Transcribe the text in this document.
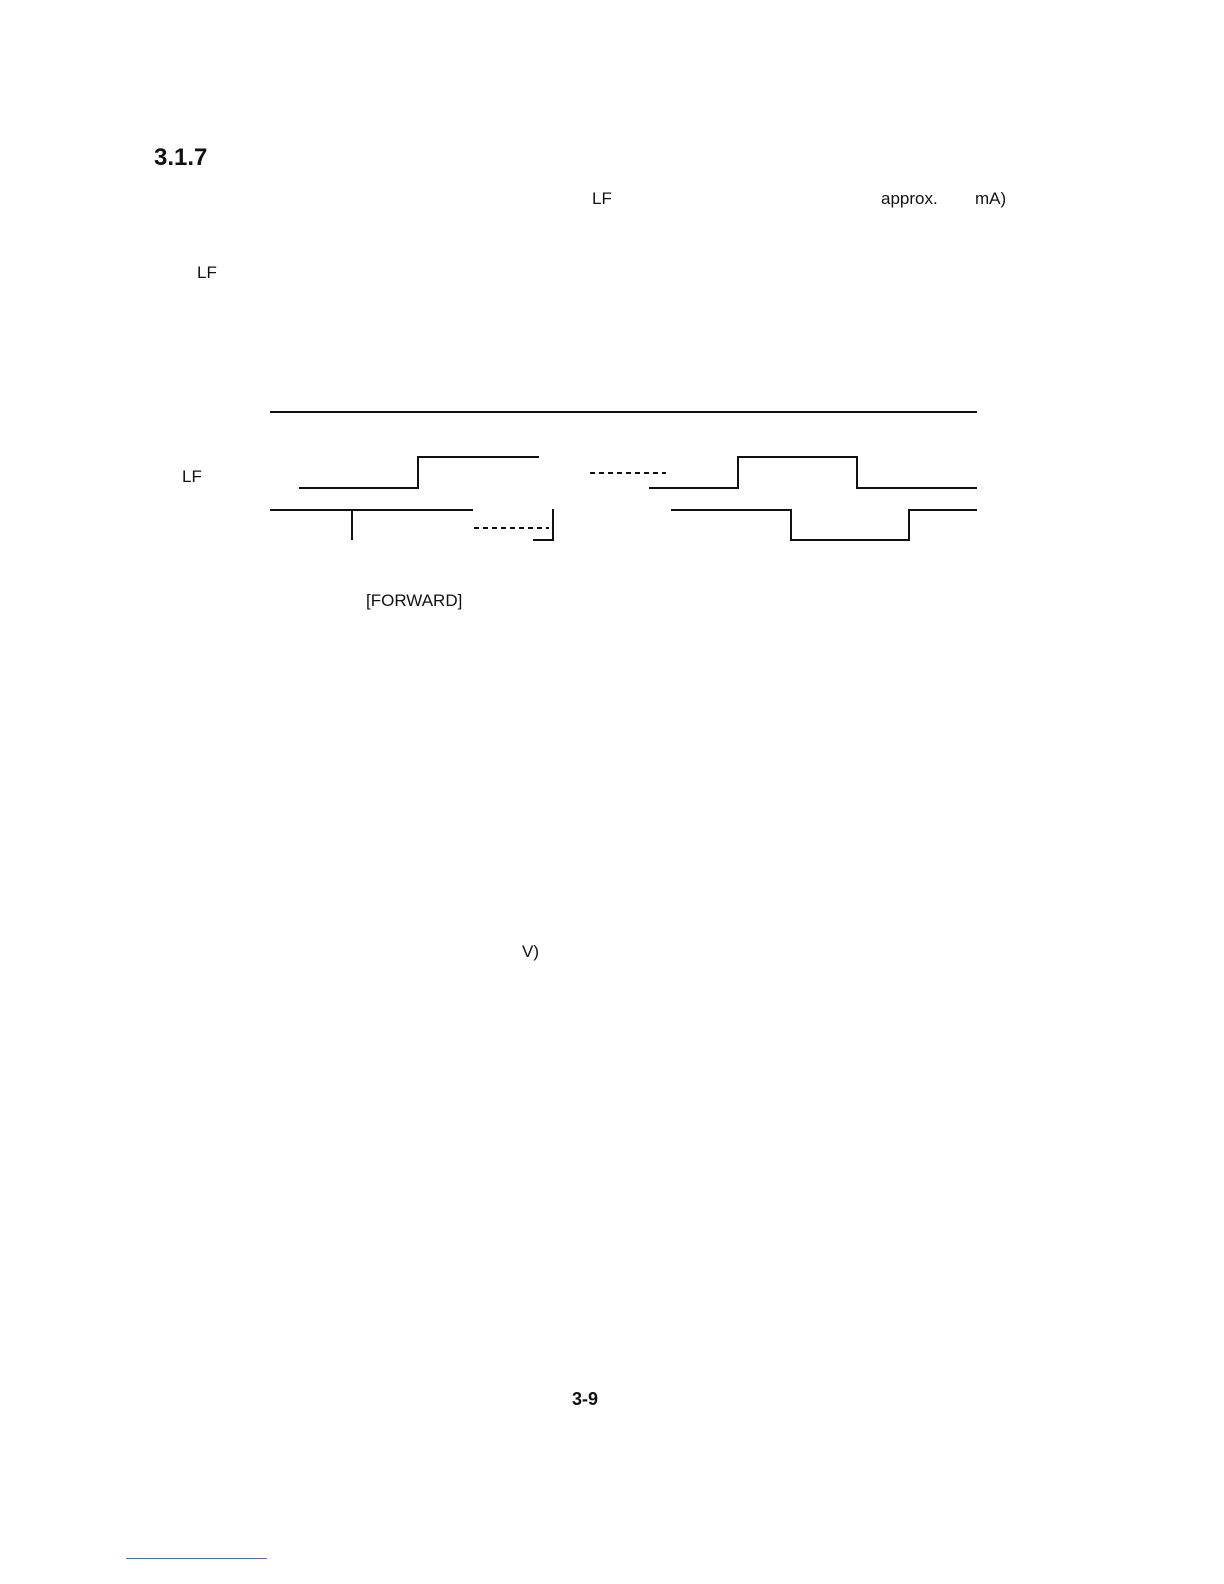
3.1.7
LF	approx. mA)
LF
LF
[FORWARD]
V)
3-9
